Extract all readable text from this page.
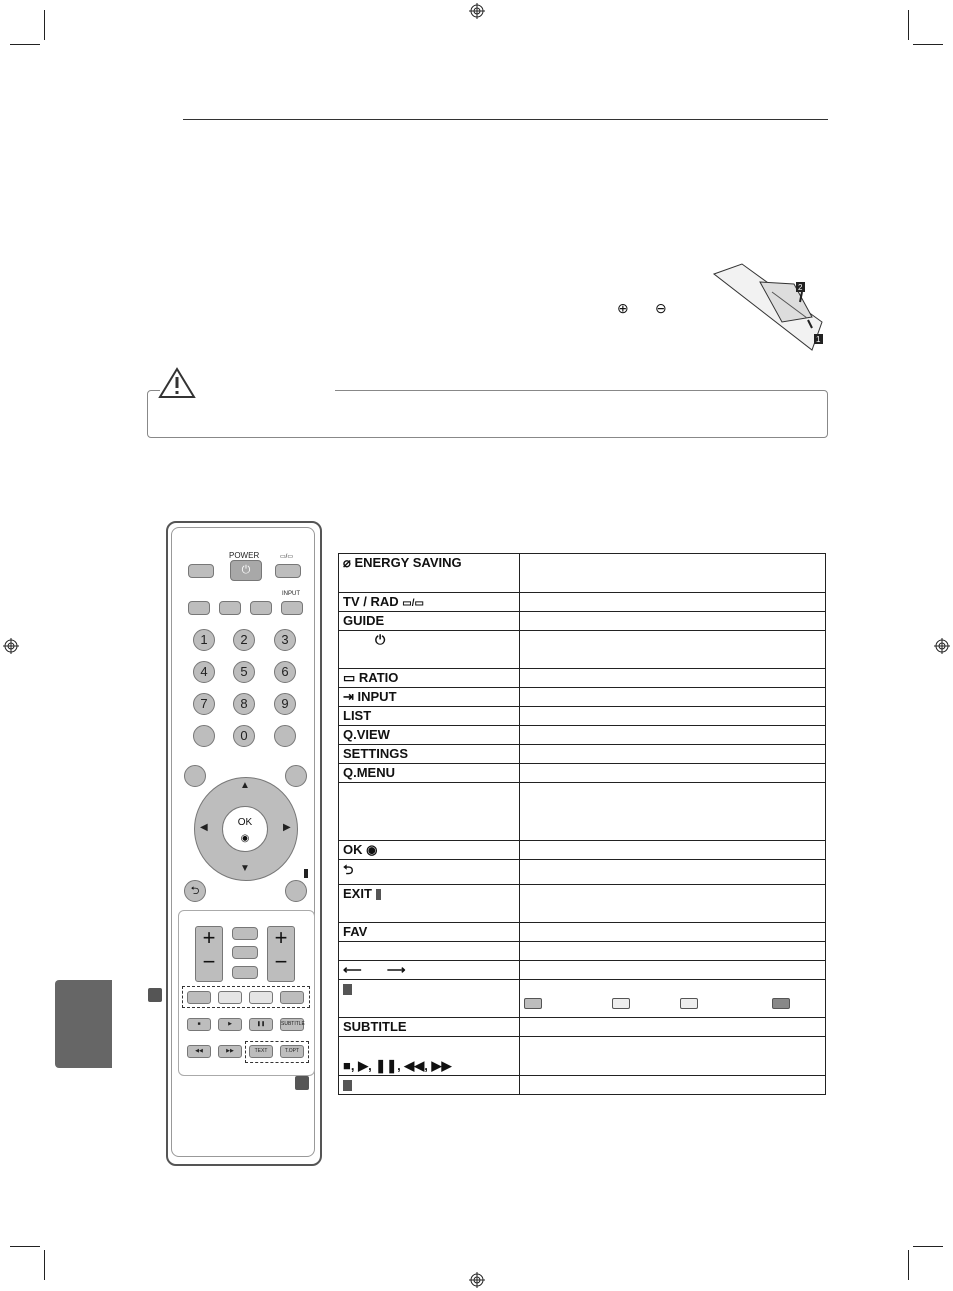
⊕ ⊖
2
1
POWER
⏻
▭/▭
INPUT
1	2	3
4	5	6
7	8	9
0
▲
▼
◀	▶
OK
◉
⮌
+
−
+
−
■	▶	❚❚	SUBTITLE
◀◀	▶▶	TEXT	T.OPT
⌀ ENERGY SAVING	
TV / RAD ▭/▭	
GUIDE	
⏻	
▭ RATIO	
⇥ INPUT	
LIST	
Q.VIEW	
SETTINGS	
Q.MENU	

OK ◉	
⮌	
EXIT	
FAV	

⟵       ⟶	

SUBTITLE	
■, ▶, ❚❚, ◀◀, ▶▶	
